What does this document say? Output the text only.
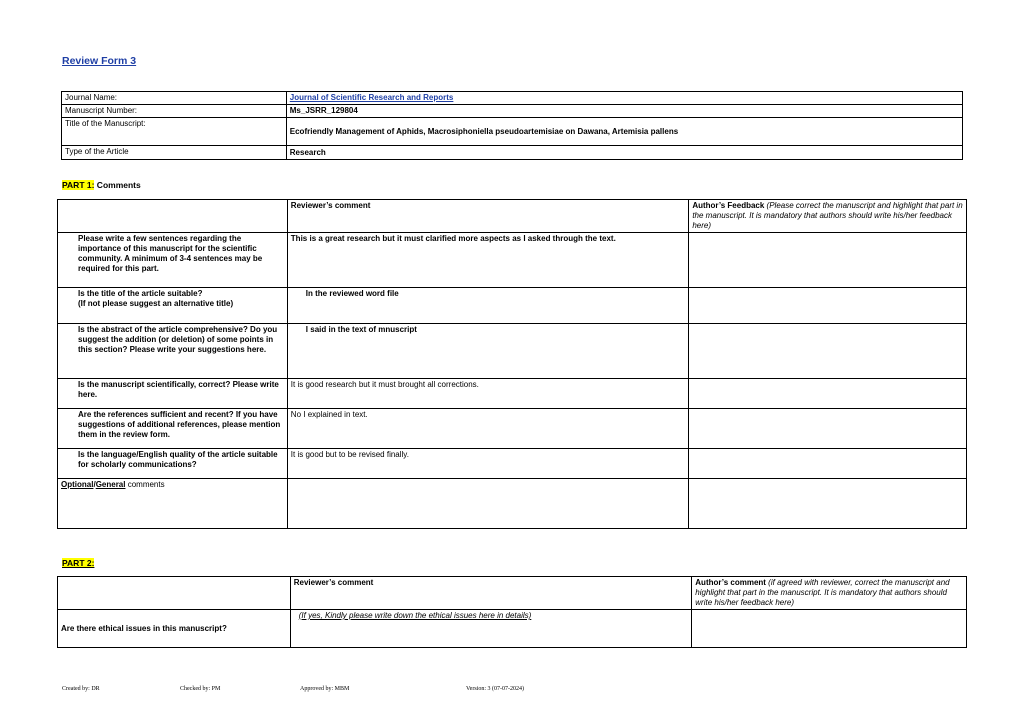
Review Form 3
Journal Name:	Journal of Scientific Research and Reports
Manuscript Number:	Ms_JSRR_129804
Title of the Manuscript:	Ecofriendly Management of Aphids, Macrosiphoniella pseudoartemisiae on Dawana, Artemisia pallens
Type of the Article	Research
PART 1: Comments
	Reviewer’s comment	Author’s Feedback (Please correct the manuscript and highlight that part in the manuscript. It is mandatory that authors should write his/her feedback here)
Please write a few sentences regarding the importance of this manuscript for the scientific community. A minimum of 3-4 sentences may be required for this part.	This is a great research but it must clarified more aspects as I asked through the text.	
Is the title of the article suitable?
(If not please suggest an alternative title)	In the reviewed word file	
Is the abstract of the article comprehensive? Do you suggest the addition (or deletion) of some points in this section? Please write your suggestions here.	I said in the text of mnuscript	
Is the manuscript scientifically, correct? Please write here.	It is good research but it must brought all corrections.	
Are the references sufficient and recent? If you have suggestions of additional references, please mention them in the review form.	No I explained in text.	
Is the language/English quality of the article suitable for scholarly communications?	It is good but to be revised finally.	
Optional/General comments		
PART 2:
	Reviewer’s comment	Author’s comment (if agreed with reviewer, correct the manuscript and highlight that part in the manuscript. It is mandatory that authors should write his/her feedback here)
Are there ethical issues in this manuscript?	(If yes, Kindly please write down the ethical issues here in details)	
Created by: DR	Checked by: PM	Approved by: MBM	Version: 3 (07-07-2024)
